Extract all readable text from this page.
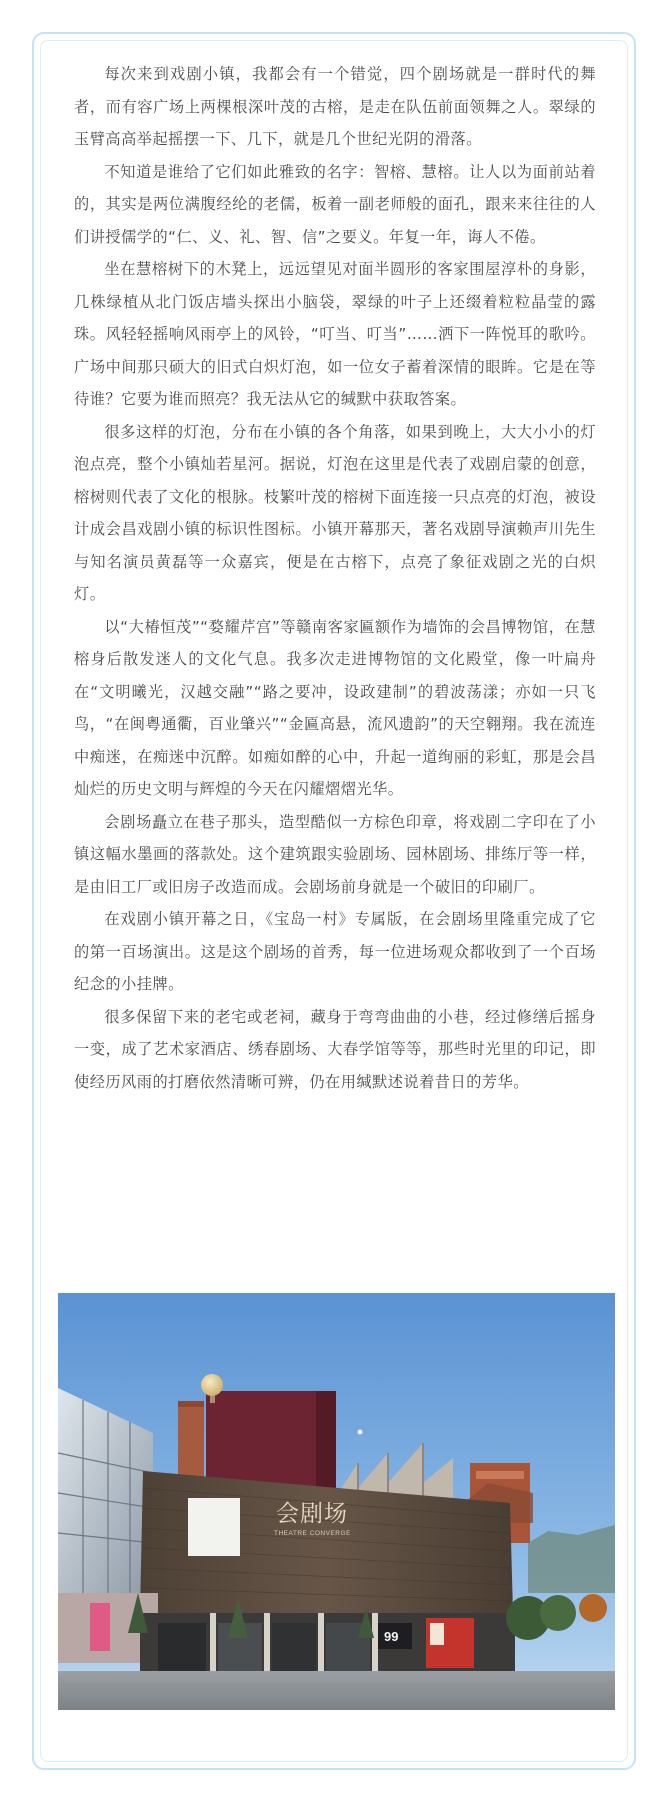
每次来到戏剧小镇，我都会有一个错觉，四个剧场就是一群时代的舞者，而有容广场上两棵根深叶茂的古榕，是走在队伍前面领舞之人。翠绿的玉臂高高举起摇摆一下、几下，就是几个世纪光阴的滑落。

不知道是谁给了它们如此雅致的名字：智榕、慧榕。让人以为面前站着的，其实是两位满腹经纶的老儒，板着一副老师般的面孔，跟来来往往的人们讲授儒学的“仁、义、礼、智、信”之要义。年复一年，诲人不倦。

坐在慧榕树下的木凳上，远远望见对面半圆形的客家围屋淳朴的身影，几株绿植从北门饭店墙头探出小脑袋，翠绿的叶子上还缀着粒粒晶莹的露珠。风轻轻摇响风雨亭上的风铃，“叮当、叮当”……洒下一阵悦耳的歌吟。广场中间那只硕大的旧式白炽灯泡，如一位女子蓄着深情的眼眸。它是在等待谁？它要为谁而照亮？我无法从它的缄默中获取答案。

很多这样的灯泡，分布在小镇的各个角落，如果到晚上，大大小小的灯泡点亮，整个小镇灿若星河。据说，灯泡在这里是代表了戏剧启蒙的创意，榕树则代表了文化的根脉。枝繁叶茂的榕树下面连接一只点亮的灯泡，被设计成会昌戏剧小镇的标识性图标。小镇开幕那天，著名戏剧导演赖声川先生与知名演员黄磊等一众嘉宾，便是在古榕下，点亮了象征戏剧之光的白炽灯。

以“大椿恒茂”“婺耀芹宫”等赣南客家匾额作为墙饰的会昌博物馆，在慧榕身后散发迷人的文化气息。我多次走进博物馆的文化殿堂，像一叶扁舟在“文明曦光，汉越交融”“路之要冲，设政建制”的碧波荡漾；亦如一只飞鸟，“在闽粤通衢，百业肇兴”“金匾高悬，流风遗韵”的天空翱翔。我在流连中痴迷，在痴迷中沉醉。如痴如醉的心中，升起一道绚丽的彩虹，那是会昌灿烂的历史文明与辉煌的今天在闪耀熠熠光华。

会剧场矗立在巷子那头，造型酷似一方棕色印章，将戏剧二字印在了小镇这幅水墨画的落款处。这个建筑跟实验剧场、园林剧场、排练厅等一样，是由旧工厂或旧房子改造而成。会剧场前身就是一个破旧的印刷厂。

在戏剧小镇开幕之日，《宝岛一村》专属版，在会剧场里隆重完成了它的第一百场演出。这是这个剧场的首秀，每一位进场观众都收到了一个百场纪念的小挂牌。

很多保留下来的老宅或老祠，藏身于弯弯曲曲的小巷，经过修缮后摇身一变，成了艺术家酒店、绣春剧场、大春学馆等等，那些时光里的印记，即使经历风雨的打磨依然清晰可辨，仍在用缄默述说着昔日的芳华。

会剧场
THEATRE CONVERGE
99
